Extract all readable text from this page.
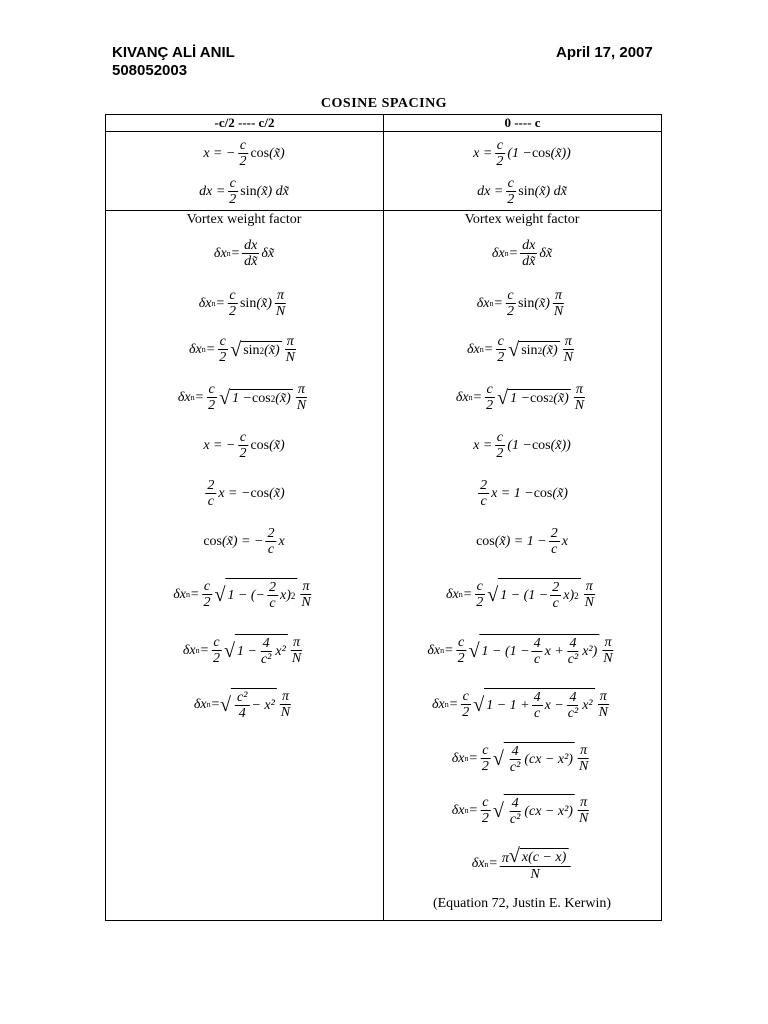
KIVANÇ ALİ ANIL
508052003
April 17, 2007
COSINE SPACING
-c/2 ---- c/2	0 ---- c
x = − $\frac{c}{2}$ cos (x̃)
dx = $\frac{c}{2}$ sin (x̃) dx̃
Vortex weight factor
δx $n = \frac{dx}{dx̃}$ δx̃
δx $n = \frac{c}{2}$ sin (x̃) $\frac{\pi}{N}$
δx $n = \frac{c}{2}$ √ sin 2 (x̃) $\frac{\pi}{N}$
δx $n = \frac{c}{2}$ √ 1 − cos 2 (x̃) $\frac{\pi}{N}$
x = − $\frac{c}{2}$ cos (x̃)
$\frac{2}{c}$ x = − cos (x̃)
cos (x̃) = − $\frac{2}{c}$ x
δx $n = \frac{c}{2}$ √ 1 − (− $\frac{2}{c} x$) $2 \frac{\pi}{N}$
δx $n = \frac{c}{2}$ √ $1 - \frac{4}{\text{c²}} x^2 \frac{\pi}{N}$
δx n = √ $\frac{\text{c²}}{4} - x^2 \frac{\pi}{N}$
$x = \frac{c}{2} (1 - \cos$ (x̃))
dx = $\frac{c}{2}$ sin (x̃) dx̃
Vortex weight factor
δx $n = \frac{dx}{dx̃}$ δx̃
δx $n = \frac{c}{2}$ sin (x̃) $\frac{\pi}{N}$
δx $n = \frac{c}{2}$ √ sin 2 (x̃) $\frac{\pi}{N}$
δx $n = \frac{c}{2}$ √ 1 − cos 2 (x̃) $\frac{\pi}{N}$
$x = \frac{c}{2} (1 - \cos$ (x̃))
$\frac{2}{c}$ x = 1 − cos (x̃)
cos (x̃) = $1 - \frac{2}{c}$ x
δx $n = \frac{c}{2}$ √ $1 - (1 - \frac{2}{c} x)$ $2 \frac{\pi}{N}$
δx $n = \frac{c}{2}$ √ $1 - (1 - \frac{4}{c}$ $x + \frac{4}{\text{c²}} x^2) \frac{\pi}{N}$
δx $n = \frac{c}{2}$ √ $1 - 1 + \frac{4}{c}$ $x - \frac{4}{\text{c²}} x^2 \frac{\pi}{N}$
δx $n = \frac{c}{2}$ √ $\frac{4}{\text{c²}} (cx - x^2) \frac{\pi}{N}$
δx $n = \frac{c}{2}$ √ $\frac{4}{\text{c²}} (cx - x^2) \frac{\pi}{N}$
δx $n = \frac{\pi √ x(c - x)}{N}$
(Equation 72, Justin E. Kerwin)
